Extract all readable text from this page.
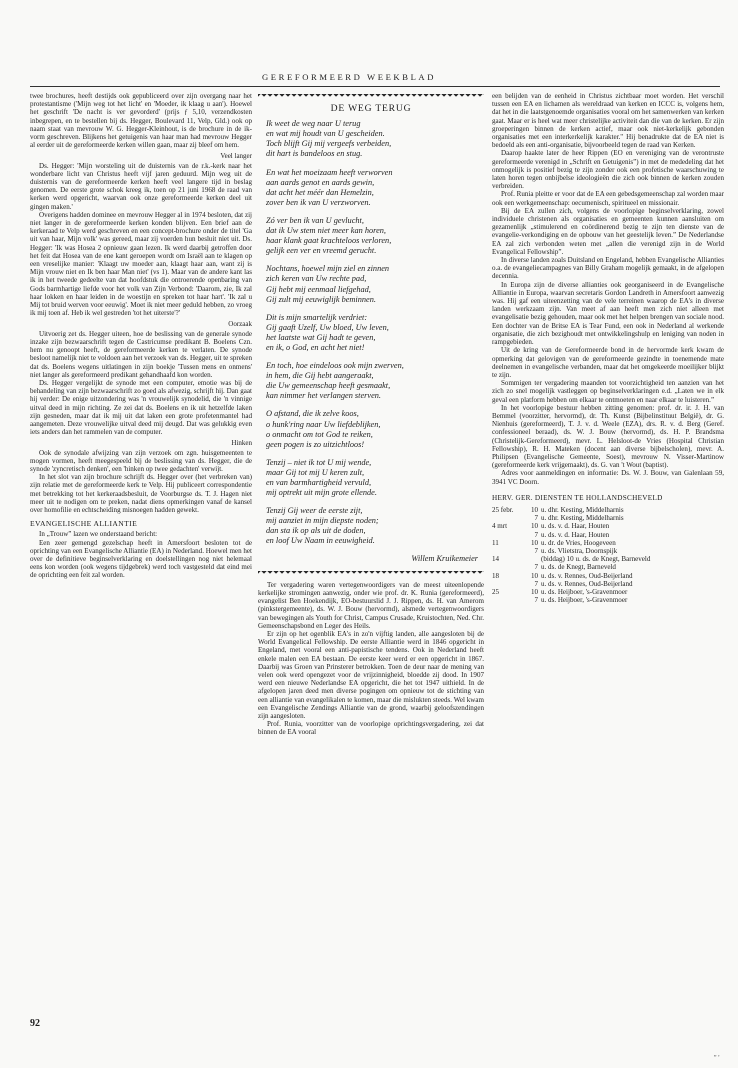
GEREFORMEERD WEEKBLAD

twee brochures, heeft destijds ook gepubliceerd over zijn overgang naar het protestantisme ('Mijn weg tot het licht' en 'Moeder, ik klaag u aan'). Hoewel het geschrift 'De nacht is ver gevorderd' (prijs ƒ 5,10, verzendkosten inbegrepen, en te bestellen bij ds. Hegger, Boulevard 11, Velp, Gld.) ook op naam staat van mevrouw W. G. Hegger-Kleinhout, is de brochure in de ik-vorm geschreven. Blijkens het getuigenis van haar man had mevrouw Hegger al eerder uit de gereformeerde kerken willen gaan, maar zij bleef om hem.

Veel langer

Ds. Hegger: 'Mijn worsteling uit de duisternis van de r.k.-kerk naar het wonderbare licht van Christus heeft vijf jaren geduurd. Mijn weg uit de duisternis van de gereformeerde kerken heeft veel langere tijd in beslag genomen. De eerste grote schok kreeg ik, toen op 21 juni 1968 de raad van kerken werd opgericht, waarvan ook onze gereformeerde kerken deel uit gingen maken.'

Overigens hadden dominee en mevrouw Hegger al in 1974 besloten, dat zij niet langer in de gereformeerde kerken konden blijven. Een brief aan de kerkeraad te Velp werd geschreven en een concept-brochure onder de titel 'Ga uit van haar, Mijn volk' was gereed, maar zij voerden hun besluit niet uit. Ds. Hegger: 'Ik was Hosea 2 opnieuw gaan lezen. Ik werd daarbij getroffen door het feit dat Hosea van de ene kant geroepen wordt om Israël aan te klagen op een vreselijke manier: 'Klaagt uw moeder aan, klaagt haar aan, want zij is Mijn vrouw niet en Ik ben haar Man niet' (vs 1). Maar van de andere kant las ik in het tweede gedeelte van dat hoofdstuk die ontroerende openbaring van Gods barmhartige liefde voor het volk van Zijn Verbond: 'Daarom, zie, Ik zal haar lokken en haar leiden in de woestijn en spreken tot haar hart'. 'Ik zal u Mij tot bruid werven voor eeuwig'. Moet ik niet meer geduld hebben, zo vroeg ik mij toen af. Heb ik wel gestreden 'tot het uiterste'?'

Oorzaak

Uitvoerig zet ds. Hegger uiteen, hoe de beslissing van de generale synode inzake zijn bezwaarschrift tegen de Castricumse predikant B. Boelens Czn. hem nu genoopt heeft, de gereformeerde kerken te verlaten. De synode besloot namelijk niet te voldoen aan het verzoek van ds. Hegger, uit te spreken dat ds. Boelens wegens uitlatingen in zijn boekje 'Tussen mens en onmens' niet langer als gereformeerd predikant gehandhaafd kon worden.

Ds. Hegger vergelijkt de synode met een computer, emotie was bij de behandeling van zijn bezwaarschrift zo goed als afwezig, schrijft hij. Dan gaat hij verder: De enige uitzondering was 'n vrouwelijk synodelid, die 'n vinnige uitval deed in mijn richting. Ze zei dat ds. Boelens en ik uit hetzelfde laken zijn gesneden, maar dat ik mij uit dat laken een grote profetenmantel had aangemeten. Deze vrouwelijke uitval deed mij deugd. Dat was gelukkig even iets anders dan het rammelen van de computer.

Hinken

Ook de synodale afwijzing van zijn verzoek om zgn. huisgemeenten te mogen vormen, heeft meegespeeld bij de beslissing van ds. Hegger, die de synode 'zyncretisch denken', een 'hinken op twee gedachten' verwijt.

In het slot van zijn brochure schrijft ds. Hegger over (het verbreken van) zijn relatie met de gereformeerde kerk te Velp. Hij publiceert correspondentie met betrekking tot het kerkeraadsbesluit, de Voorburgse ds. T. J. Hagen niet meer uit te nodigen om te preken, nadat diens opmerkingen vanaf de kansel over homofilie en echtscheiding misnoegen hadden gewekt.

EVANGELISCHE ALLIANTIE

In „Trouw” lazen we onderstaand bericht:

Een zeer gemengd gezelschap heeft in Amersfoort besloten tot de oprichting van een Evangelische Alliantie (EA) in Nederland. Hoewel men het over de definitieve beginselverklaring en doelstellingen nog niet helemaal eens kon worden (ook wegens tijdgebrek) werd toch vastgesteld dat eind mei de oprichting een feit zal worden.

DE WEG TERUG
Ik weet de weg naar U terug
en wat mij houdt van U gescheiden.
Toch blijft Gij mij vergeefs verbeiden,
dit hart is bandeloos en stug.
En wat het moeizaam heeft verworven
aan aards genot en aards gewin,
dat acht het méér dan Hemelzin,
zover ben ik van U verzworven.
Zó ver ben ik van U gevlucht,
dat ik Uw stem niet meer kan horen,
haar klank gaat krachteloos verloren,
gelijk een ver en vreemd gerucht.
Nochtans, hoewel mijn ziel en zinnen
zich keren van Uw rechte pad,
Gij hebt mij eenmaal liefgehad,
Gij zult mij eeuwiglijk beminnen.
Dit is mijn smartelijk verdriet:
Gij gaaft Uzelf, Uw bloed, Uw leven,
het laatste wat Gij hadt te geven,
en ik, o God, en acht het niet!
En toch, hoe eindeloos ook mijn zwerven,
in hem, die Gij hebt aangeraakt,
die Uw gemeenschap heeft gesmaakt,
kan nimmer het verlangen sterven.
O afstand, die ik zelve koos,
o hunk'ring naar Uw liefdeblijken,
o onmacht om tot God te reiken,
geen pogen is zo uitzichtloos!
Tenzij – niet ik tot U mij wende,
maar Gij tot mij U keren zult,
en van barmhartigheid vervuld,
mij optrekt uit mijn grote ellende.
Tenzij Gij weer de eerste zijt,
mij aanziet in mijn diepste noden;
dan sta ik op als uit de doden,
en loof Uw Naam in eeuwigheid.
Willem Kruikemeier

Ter vergadering waren vertegenwoordigers van de meest uiteenlopende kerkelijke stromingen aanwezig, onder wie prof. dr. K. Runia (gereformeerd), evangelist Ben Hoekendijk, EO-bestuurslid J. J. Rippen, ds. H. van Amerom (pinkstergemeente), ds. W. J. Bouw (hervormd), alsmede vertegenwoordigers van bewegingen als Youth for Christ, Campus Crusade, Kruistochten, Ned. Chr. Gemeenschapsbond en Leger des Heils.

Er zijn op het ogenblik EA's in zo'n vijftig landen, alle aangesloten bij de World Evangelical Fellowship. De eerste Alliantie werd in 1846 opgericht in Engeland, met vooral een anti-papistische tendens. Ook in Nederland heeft enkele malen een EA bestaan. De eerste keer werd er een opgericht in 1867. Daarbij was Groen van Prinsterer betrokken. Toen de deur naar de mening van velen ook werd opengezet voor de vrijzinnigheid, bloedde zij dood. In 1907 werd een nieuwe Nederlandse EA opgericht, die het tot 1947 uithield. In de afgelopen jaren deed men diverse pogingen om opnieuw tot de stichting van een alliantie van evangelikalen te komen, maar die mislukten steeds. Wel kwam een Evangelische Zendings Alliantie van de grond, waarbij geloofszendingen zijn aangesloten.

Prof. Runia, voorzitter van de voorlopige oprichtingsvergadering, zei dat binnen de EA vooral

een belijden van de eenheid in Christus zichtbaar moet worden. Het verschil tussen een EA en lichamen als wereldraad van kerken en ICCC is, volgens hem, dat het in die laatstgenoemde organisaties vooral om het samenwerken van kerken gaat. Maar er is heel wat meer christelijke activiteit dan die van de kerken. Er zijn groeperingen binnen de kerken actief, maar ook niet-kerkelijk gebonden organisaties met een interkerkelijk karakter." Hij benadrukte dat de EA niet is bedoeld als een anti-organisatie, bijvoorbeeld tegen de raad van Kerken.

Daarop haakte later de heer Rippen (EO en vereniging van de verontruste gereformeerde verenigd in „Schrift en Getuigenis”) in met de mededeling dat het onmogelijk is positief bezig te zijn zonder ook een profetische waarschuwing te laten horen tegen onbijbelse ideologieën die zich ook binnen de kerken zouden verbreiden.

Prof. Runia pleitte er voor dat de EA een gebedsgemeenschap zal worden maar ook een werkgemeenschap: oecumenisch, spiritueel en missionair.

Bij de EA zullen zich, volgens de voorlopige beginselverklaring, zowel individuele christenen als organisaties en gemeenten kunnen aansluiten om gezamenlijk „stimulerend en coördinerend bezig te zijn ten dienste van de evangelie-verkondiging en de opbouw van het geestelijk leven.” De Nederlandse EA zal zich verbonden weten met „allen die verenigd zijn in de World Evangelical Fellowship”.

In diverse landen zoals Duitsland en Engeland, hebben Evangelische Allianties o.a. de evangeliecampagnes van Billy Graham mogelijk gemaakt, in de afgelopen decennia.

In Europa zijn de diverse allianties ook georganiseerd in de Evangelische Alliantie in Europa, waarvan secretaris Gordon Landreth in Amersfoort aanwezig was. Hij gaf een uiteenzetting van de vele terreinen waarop de EA's in diverse landen werkzaam zijn. Van meet af aan heeft men zich niet alleen met evangelisatie bezig gehouden, maar ook met het helpen brengen van sociale nood. Een dochter van de Britse EA is Tear Fund, een ook in Nederland al werkende organisatie, die zich bezighoudt met ontwikkelingshulp en leniging van noden in rampgebieden.

Uit de kring van de Gereformeerde bond in de hervormde kerk kwam de opmerking dat gelovigen van de gereformeerde gezindte in toenemende mate deelnemen in evangelische verbanden, maar dat het omgekeerde moeilijker blijkt te zijn.

Sommigen ter vergadering maanden tot voorzichtigheid ten aanzien van het zich zo snel mogelijk vastleggen op beginselverklaringen e.d. „Laten we in elk geval een platform hebben om elkaar te ontmoeten en naar elkaar te luisteren.”

In het voorlopige bestuur hebben zitting genomen: prof. dr. ir. J. H. van Bemmel (voorzitter, hervormd), dr. Th. Kunst (Bijbelinstituut België), dr. G. Nienhuis (gereformeerd), T. J. v. d. Weele (EZA), drs. R. v. d. Berg (Geref. confessioneel beraad), ds. W. J. Bouw (hervormd), ds. H. P. Brandsma (Christelijk-Gereformeerd), mevr. L. Helsloot-de Vries (Hospital Christian Fellowship), R. H. Mateken (docent aan diverse bijbelscholen), mevr. A. Philipsen (Evangelische Gemeente, Soest), mevrouw N. Visser-Martinow (gereformeerde kerk vrijgemaakt), ds. G. van 't Wout (baptist).

Adres voor aanmeldingen en informatie: Ds. W. J. Bouw, van Galenlaan 59, 3941 VC Doorn.

HERV. GER. DIENSTEN TE HOLLANDSCHEVELD
25 febr.	10	u. dhr. Kesting, Middelharnis
	7	u. dhr. Kesting, Middelharnis
4 mrt	10	u. ds. v. d. Haar, Houten
	7	u. ds. v. d. Haar, Houten
11	10	u. dr. de Vries, Hoogeveen
	7	u. ds. Vlietstra, Doornspijk
14		(biddag) 10 u. ds. de Knegt, Barneveld
	7	u. ds. de Knegt, Barneveld
18	10	u. ds. v. Rennes, Oud-Beijerland
	7	u. ds. v. Rennes, Oud-Beijerland
25	10	u. ds. Heijboer, 's-Gravenmoer
	7	u. ds. Heijboer, 's-Gravenmoer
92
'' '
